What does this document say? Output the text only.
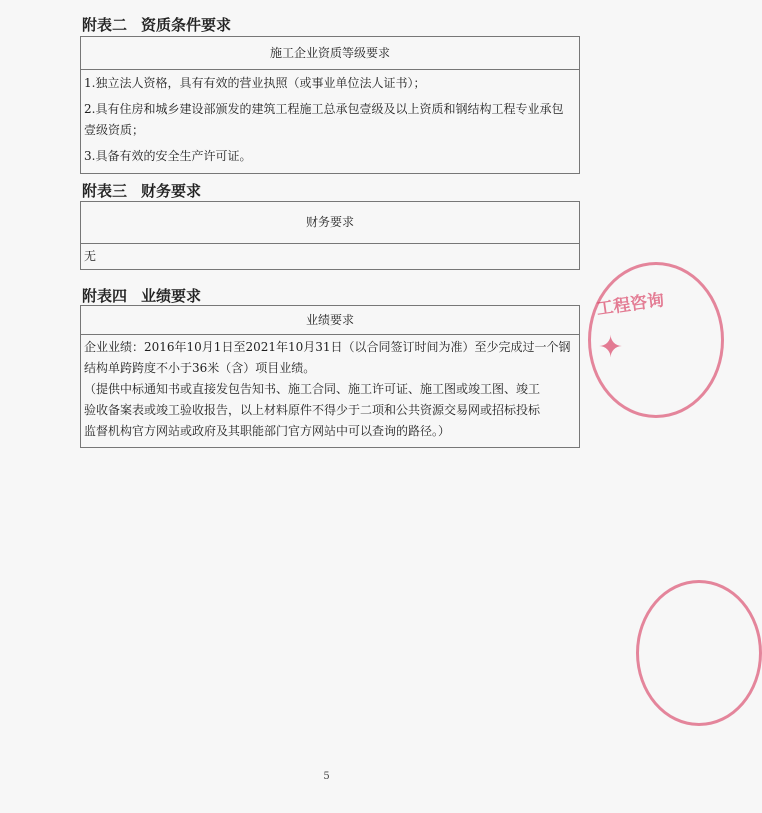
附表二 资质条件要求
施工企业资质等级要求

1.独立法人资格，具有有效的营业执照（或事业单位法人证书）；
2.具有住房和城乡建设部颁发的建筑工程施工总承包壹级及以上资质和钢结构工程专业承包
壹级资质；
3.具备有效的安全生产许可证。
附表三 财务要求
财务要求
无
附表四 业绩要求
业绩要求

企业业绩：2016年10月1日至2021年10月31日（以合同签订时间为准）至少完成过一个钢
结构单跨跨度不小于36米（含）项目业绩。
（提供中标通知书或直接发包告知书、施工合同、施工许可证、施工图或竣工图、竣工
验收备案表或竣工验收报告，以上材料原件不得少于二项和公共资源交易网或招标投标
监督机构官方网站或政府及其职能部门官方网站中可以查询的路径。）
工程咨询
✦
5
